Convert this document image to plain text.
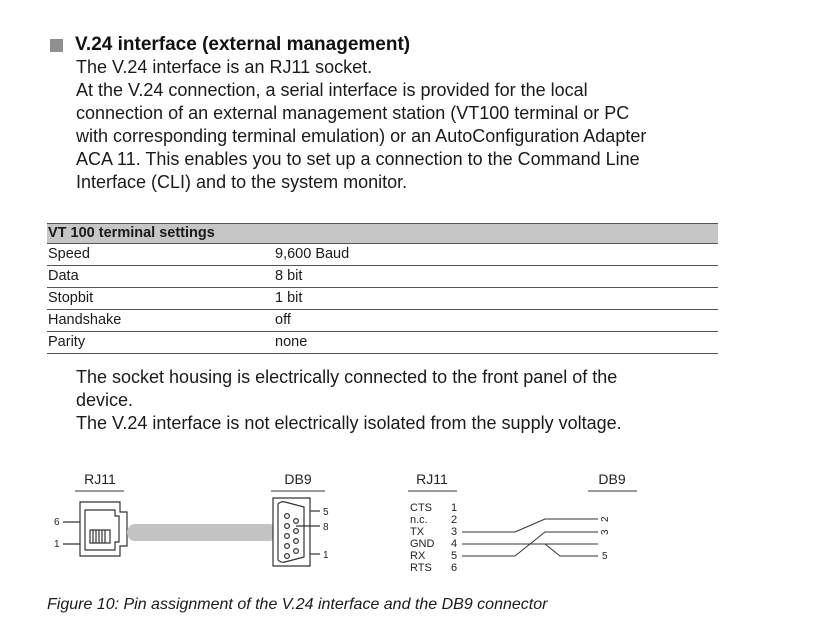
V.24 interface (external management)
The V.24 interface is an RJ11 socket.
At the V.24 connection, a serial interface is provided for the local
connection of an external management station (VT100 terminal or PC
with corresponding terminal emulation) or an AutoConfiguration Adapter
ACA 11. This enables you to set up a connection to the Command Line
Interface (CLI) and to the system monitor.
VT 100 terminal settings
Speed	9,600 Baud
Data	8 bit
Stopbit	1 bit
Handshake	off
Parity	none
The socket housing is electrically connected to the front panel of the
device.
The V.24 interface is not electrically isolated from the supply voltage.
RJ11
6
1
DB9
5
8
1
RJ11
CTS 1
n.c. 2
TX 3
GND 4
RX 5
RTS 6
DB9
2
3
5
Figure 10: Pin assignment of the V.24 interface and the DB9 connector
